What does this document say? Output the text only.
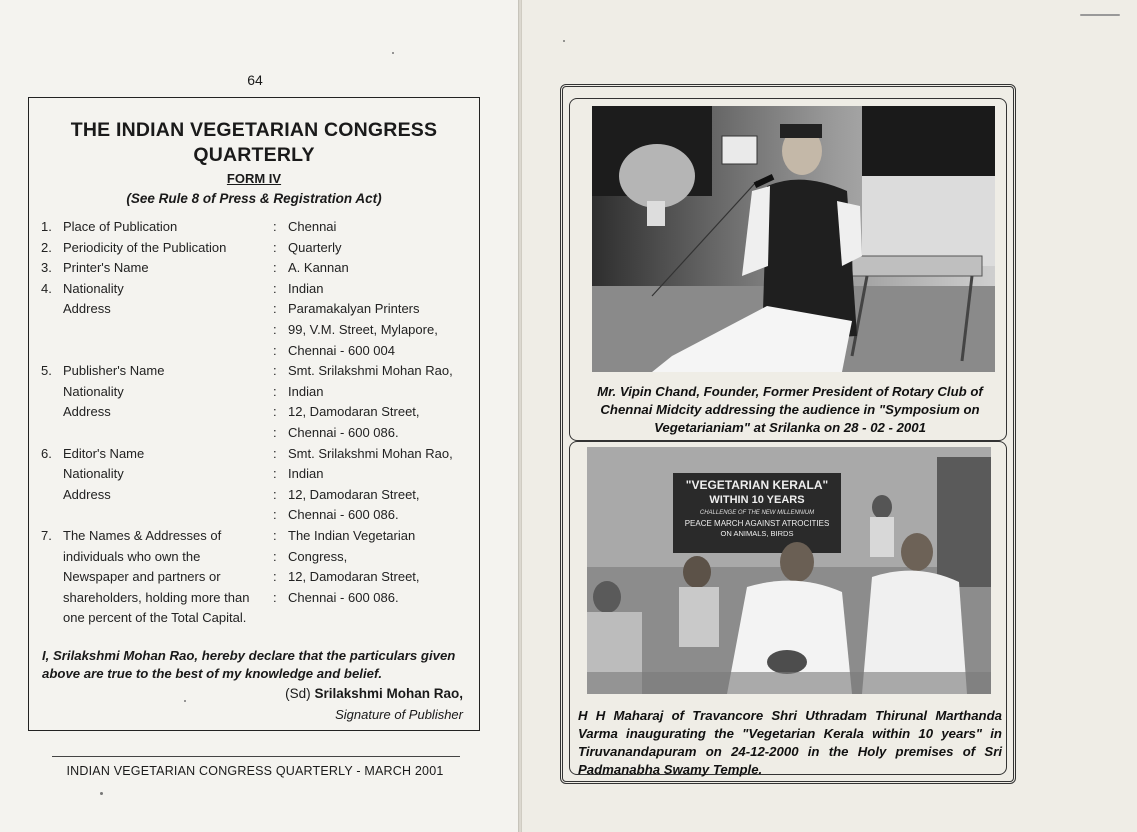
64
THE INDIAN VEGETARIAN CONGRESS
QUARTERLY
FORM IV
(See Rule 8 of Press & Registration Act)
1. Place of Publication	: Chennai
2. Periodicity of the Publication	: Quarterly
3. Printer's Name	: A. Kannan
4. Nationality	: Indian
Address	: Paramakalyan Printers
: 99, V.M. Street, Mylapore,
: Chennai - 600 004
5. Publisher's Name	: Smt. Srilakshmi Mohan Rao,
Nationality	: Indian
Address	: 12, Damodaran Street,
: Chennai - 600 086.
6. Editor's Name	: Smt. Srilakshmi Mohan Rao,
Nationality	: Indian
Address	: 12, Damodaran Street,
: Chennai - 600 086.
7. The Names & Addresses of	: The Indian Vegetarian
individuals who own the	: Congress,
Newspaper and partners or	: 12, Damodaran Street,
shareholders, holding more than : Chennai - 600 086.
one percent of the Total Capital.
I, Srilakshmi Mohan Rao, hereby declare that the particulars given above are true to the best of my knowledge and belief.
(Sd) Srilakshmi Mohan Rao,
Signature of Publisher
INDIAN VEGETARIAN CONGRESS QUARTERLY - MARCH 2001
Mr. Vipin Chand, Founder, Former President of Rotary Club of Chennai Midcity addressing the audience in "Symposium on Vegetarianiam" at Srilanka on 28 - 02 - 2001
"VEGETARIAN KERALA"
WITHIN 10 YEARS
CHALLENGE OF THE NEW MILLENNIUM
PEACE MARCH AGAINST ATROCITIES
ON ANIMALS, BIRDS
H H Maharaj of Travancore Shri Uthradam Thirunal Marthanda Varma inaugurating the "Vegetarian Kerala within 10 years" in Tiruvanandapuram on 24-12-2000 in the Holy premises of Sri Padmanabha Swamy Temple.
